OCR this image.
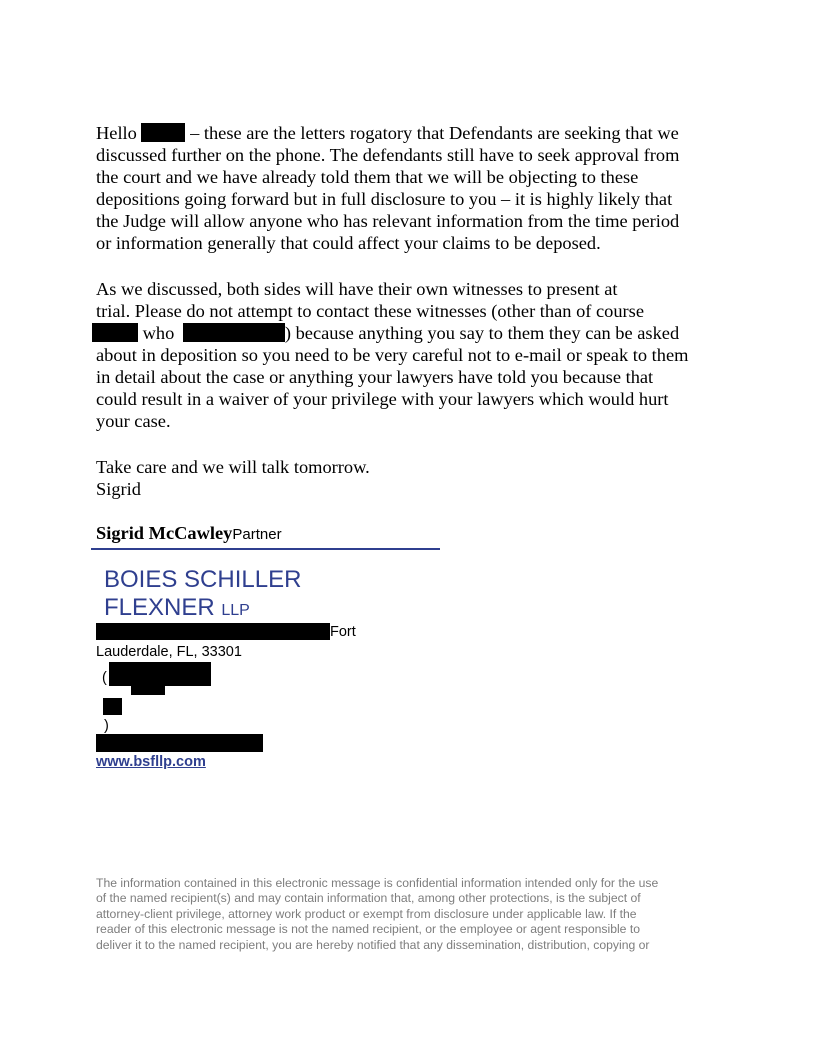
Hello	– these are the letters rogatory that Defendants are seeking that we
discussed further on the phone. The defendants still have to seek approval from
the court and we have already told them that we will be objecting to these
depositions going forward but in full disclosure to you – it is highly likely that
the Judge will allow anyone who has relevant information from the time period
or information generally that could affect your claims to be deposed.
As we discussed, both sides will have their own witnesses to present at
trial. Please do not attempt to contact these witnesses (other than of course
who	) because anything you say to them they can be asked
about in deposition so you need to be very careful not to e-mail or speak to them
in detail about the case or anything your lawyers have told you because that
could result in a waiver of your privilege with your lawyers which would hurt
your case.
Take care and we will talk tomorrow.
Sigrid
Sigrid McCawleyPartner
BOIES SCHILLER
FLEXNER LLP
Fort
Lauderdale, FL, 33301
(
)
www.bsfllp.com
The information contained in this electronic message is confidential information intended only for the use
of the named recipient(s) and may contain information that, among other protections, is the subject of
attorney-client privilege, attorney work product or exempt from disclosure under applicable law. If the
reader of this electronic message is not the named recipient, or the employee or agent responsible to
deliver it to the named recipient, you are hereby notified that any dissemination, distribution, copying or
